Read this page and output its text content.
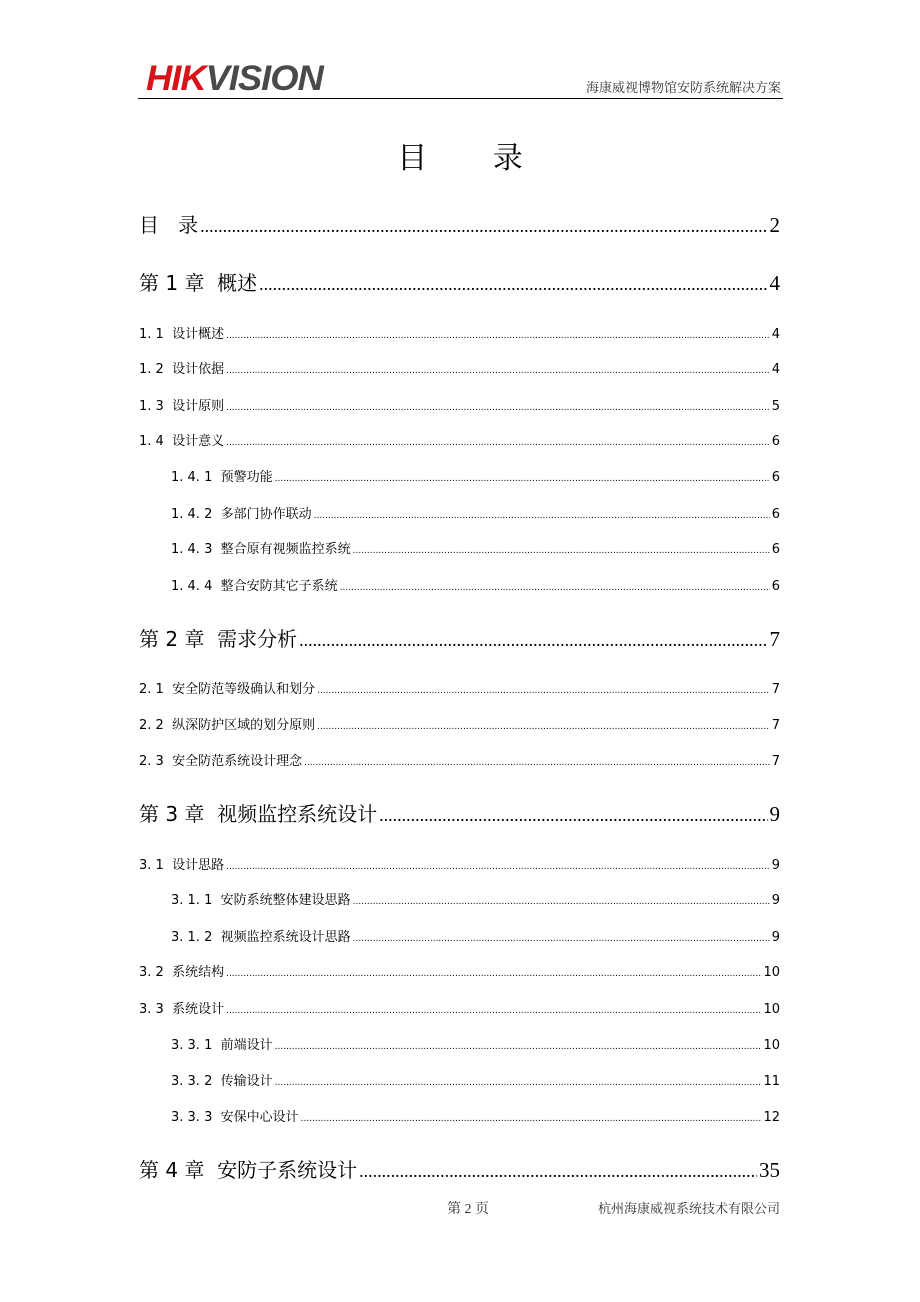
HIKVISION	海康威视博物馆安防系统解决方案
目 录
目   录 .....	2
第 1 章  概述 .....	4
1. 1  设计概述 .....	4
1. 2  设计依据 .....	4
1. 3  设计原则 .....	5
1. 4  设计意义 .....	6
1. 4. 1  预警功能 .....	6
1. 4. 2  多部门协作联动 .....	6
1. 4. 3  整合原有视频监控系统 .....	6
1. 4. 4  整合安防其它子系统 .....	6
第 2 章  需求分析 .....	7
2. 1  安全防范等级确认和划分 .....	7
2. 2  纵深防护区域的划分原则 .....	7
2. 3  安全防范系统设计理念 .....	7
第 3 章  视频监控系统设计 .....	9
3. 1  设计思路 .....	9
3. 1. 1  安防系统整体建设思路 .....	9
3. 1. 2  视频监控系统设计思路 .....	9
3. 2  系统结构 .....	10
3. 3  系统设计 .....	10
3. 3. 1  前端设计 .....	10
3. 3. 2  传输设计 .....	11
3. 3. 3  安保中心设计 .....	12
第 4 章  安防子系统设计 .....	35
第 2 页	杭州海康威视系统技术有限公司
